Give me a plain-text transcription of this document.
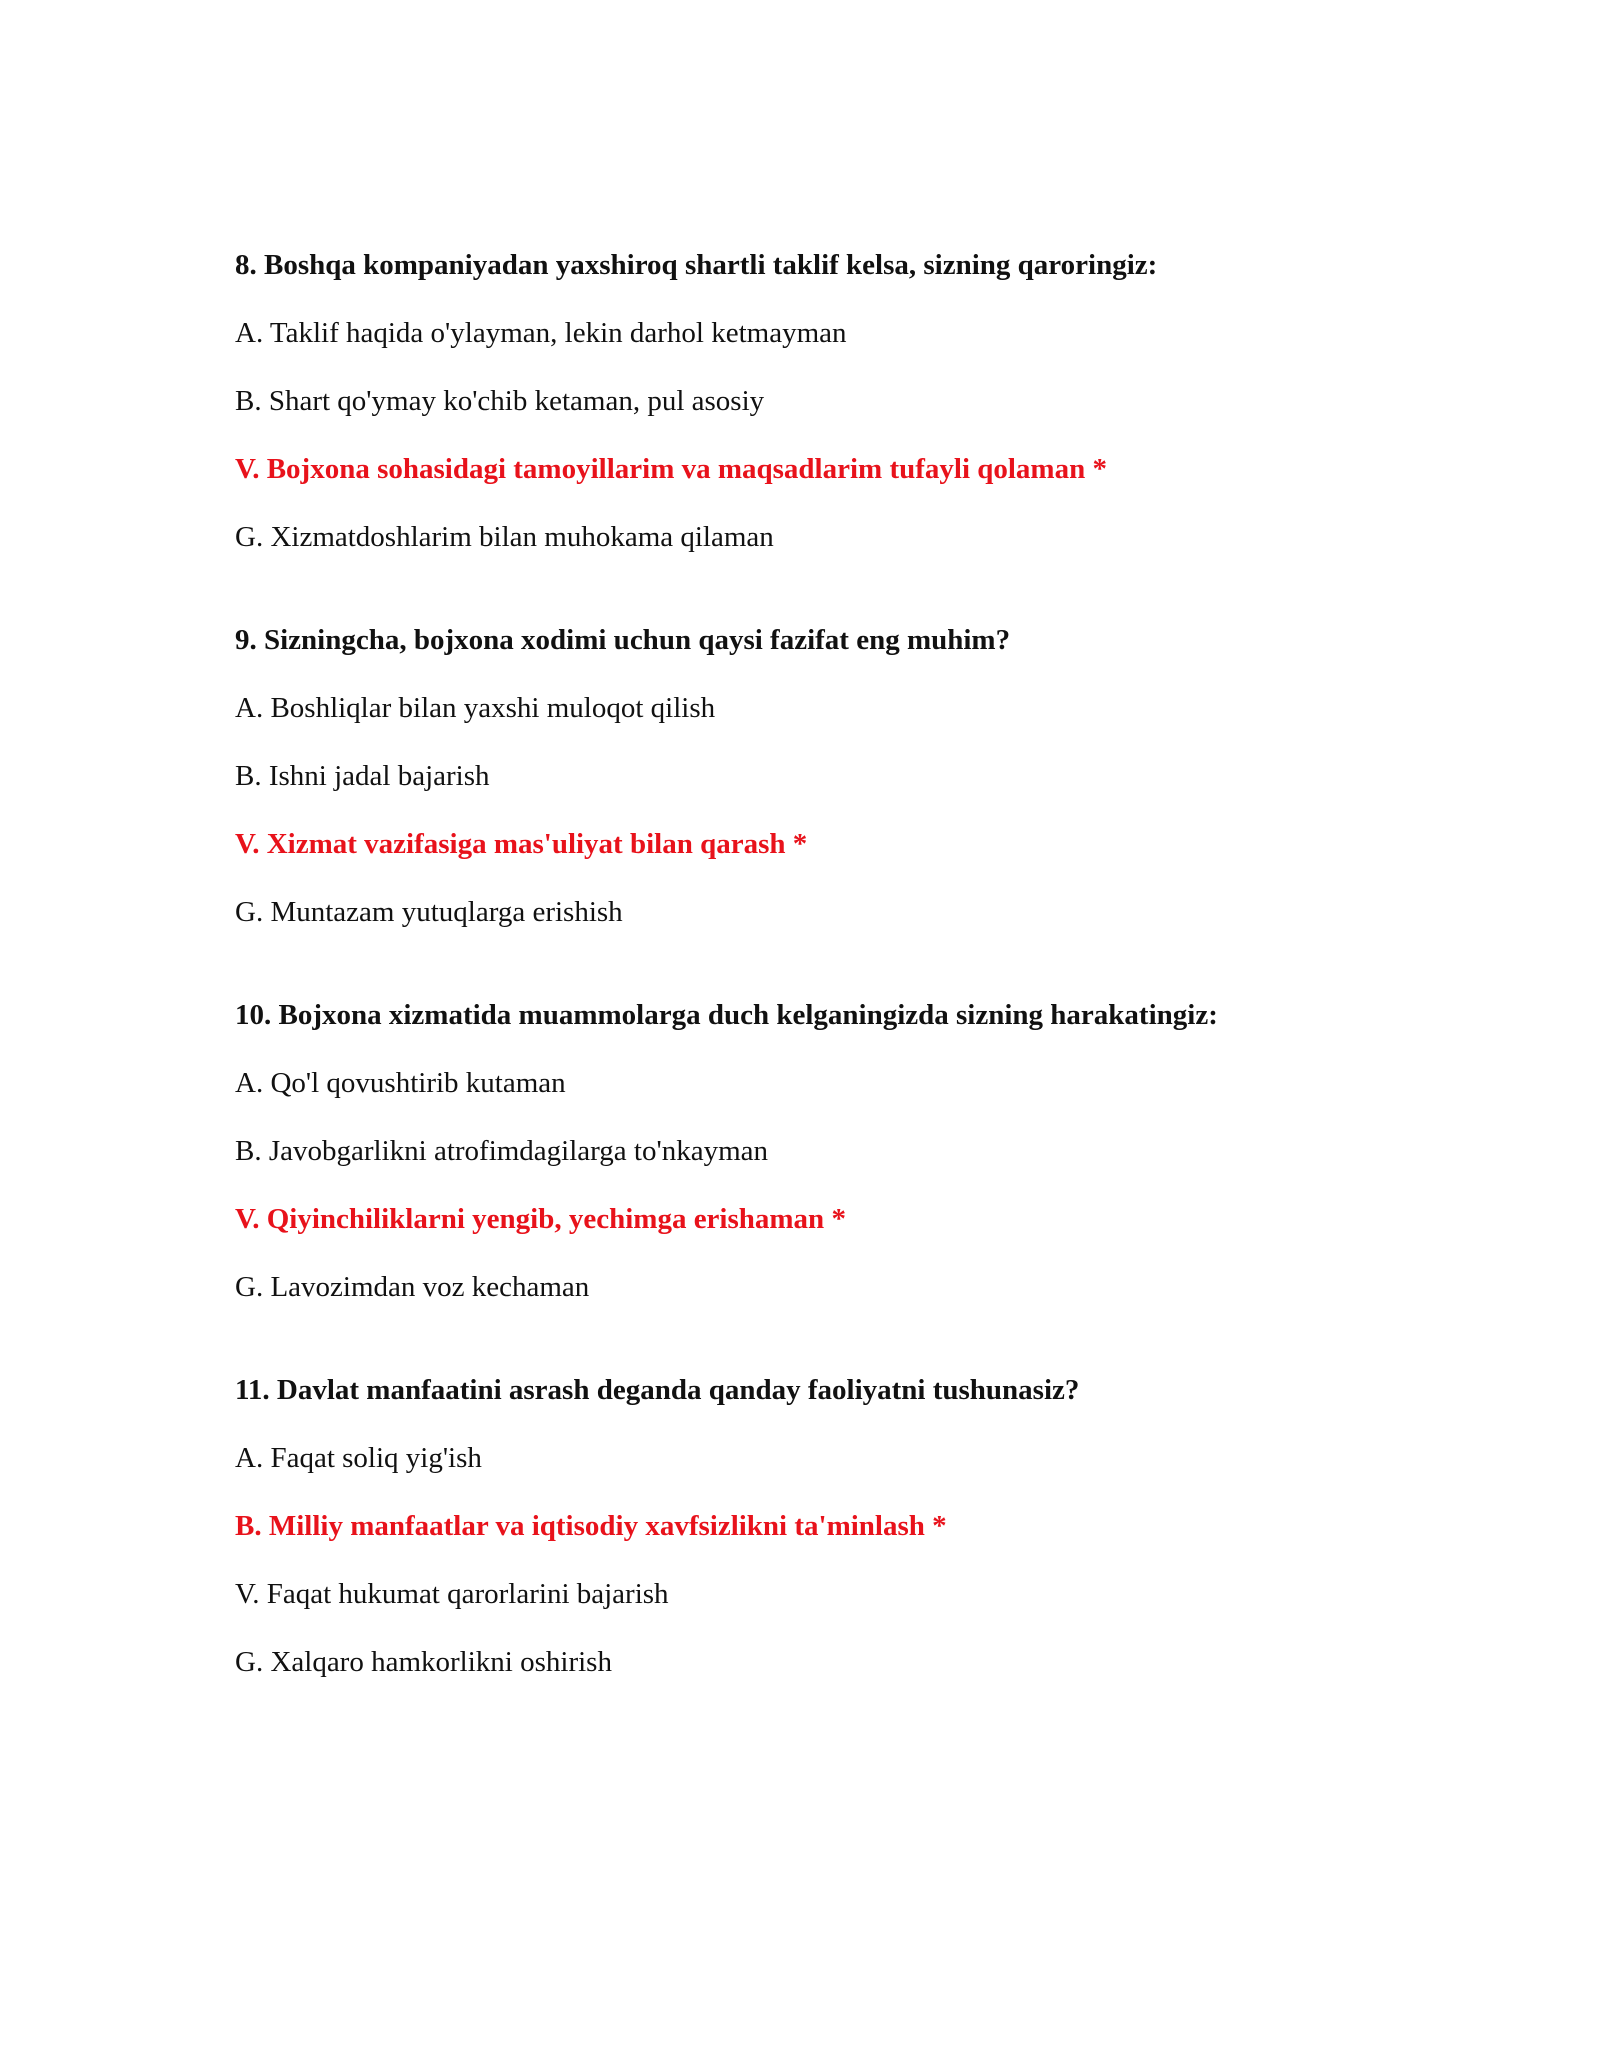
8. Boshqa kompaniyadan yaxshiroq shartli taklif kelsa, sizning qaroringiz:
A. Taklif haqida o'ylayman, lekin darhol ketmayman
B. Shart qo'ymay ko'chib ketaman, pul asosiy
V. Bojxona sohasidagi tamoyillarim va maqsadlarim tufayli qolaman *
G. Xizmatdoshlarim bilan muhokama qilaman
9. Sizningcha, bojxona xodimi uchun qaysi fazifat eng muhim?
A. Boshliqlar bilan yaxshi muloqot qilish
B. Ishni jadal bajarish
V. Xizmat vazifasiga mas'uliyat bilan qarash *
G. Muntazam yutuqlarga erishish
10. Bojxona xizmatida muammolarga duch kelganingizda sizning harakatingiz:
A. Qo'l qovushtirib kutaman
B. Javobgarlikni atrofimdagilarga to'nkayman
V. Qiyinchiliklarni yengib, yechimga erishaman *
G. Lavozimdan voz kechaman
11. Davlat manfaatini asrash deganda qanday faoliyatni tushunasiz?
A. Faqat soliq yig'ish
B. Milliy manfaatlar va iqtisodiy xavfsizlikni ta'minlash *
V. Faqat hukumat qarorlarini bajarish
G. Xalqaro hamkorlikni oshirish
